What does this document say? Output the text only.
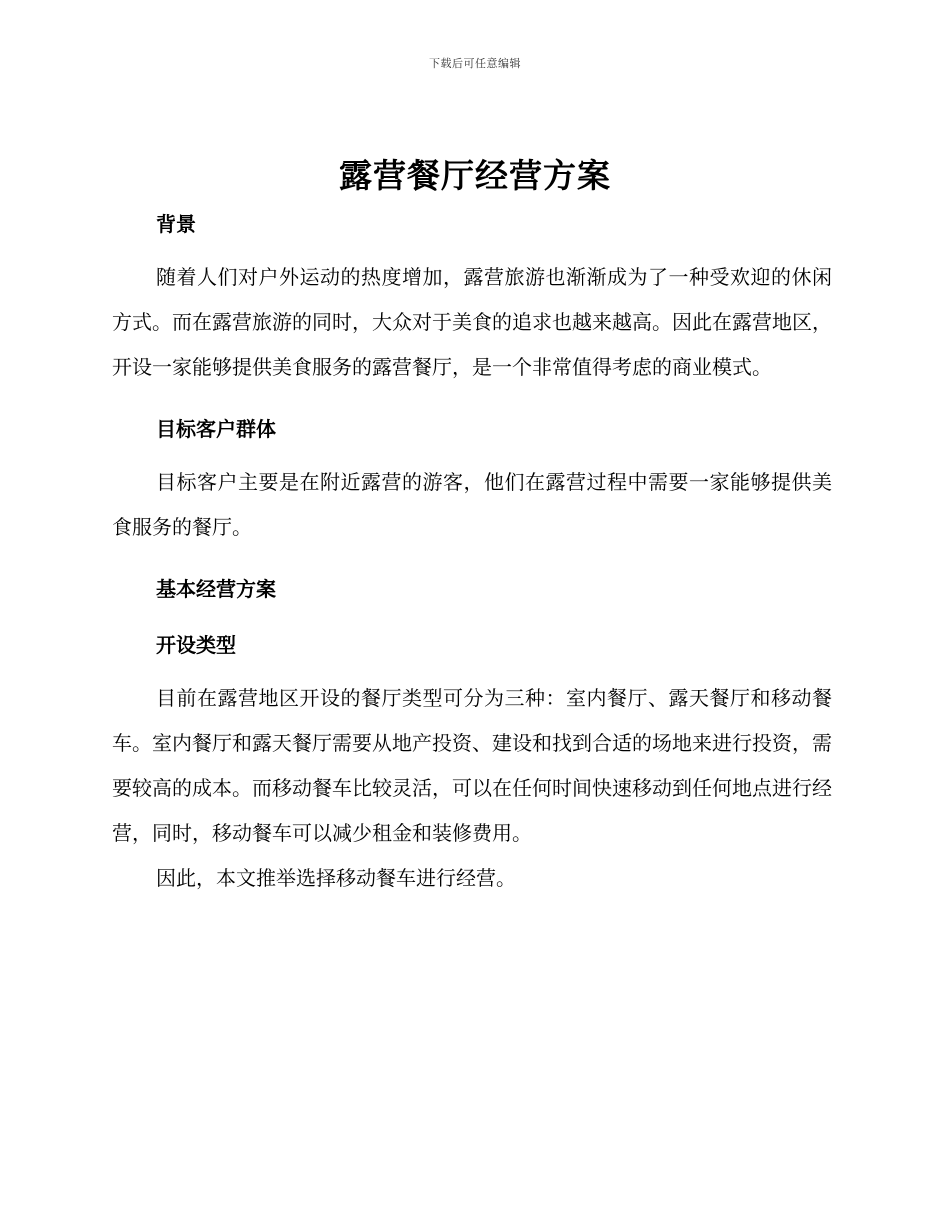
下载后可任意编辑
露营餐厅经营方案
背景

随着人们对户外运动的热度增加，露营旅游也渐渐成为了一种受欢迎的休闲方式。而在露营旅游的同时，大众对于美食的追求也越来越高。因此在露营地区，开设一家能够提供美食服务的露营餐厅，是一个非常值得考虑的商业模式。

目标客户群体

目标客户主要是在附近露营的游客，他们在露营过程中需要一家能够提供美食服务的餐厅。

基本经营方案
开设类型

目前在露营地区开设的餐厅类型可分为三种：室内餐厅、露天餐厅和移动餐车。室内餐厅和露天餐厅需要从地产投资、建设和找到合适的场地来进行投资，需要较高的成本。而移动餐车比较灵活，可以在任何时间快速移动到任何地点进行经营，同时，移动餐车可以减少租金和装修费用。

因此，本文推举选择移动餐车进行经营。
